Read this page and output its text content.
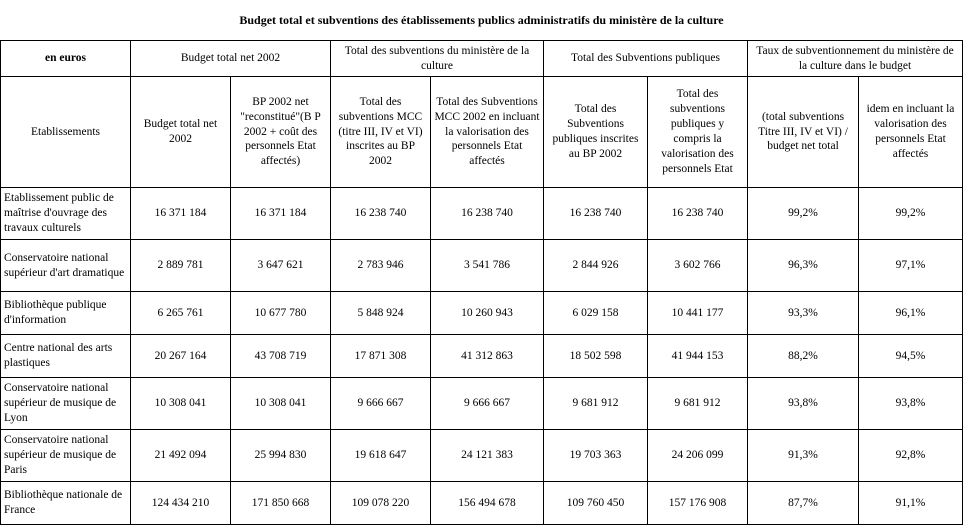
Budget total et subventions des établissements publics administratifs du ministère de la culture
en euros	Budget total net 2002		Total des subventions du ministère de la culture		Total des Subventions publiques		Taux de subventionnement du ministère de la culture dans le budget	
Etablissements	Budget total net 2002	BP 2002 net "reconstitué"(B P 2002 + coût des personnels Etat affectés)	Total des subventions MCC (titre III, IV et VI) inscrites au BP 2002	Total des Subventions MCC 2002 en incluant la valorisation des personnels Etat affectés	Total des Subventions publiques inscrites au BP 2002	Total des subventions publiques y compris la valorisation des personnels Etat	(total subventions Titre III, IV et VI) / budget net total	idem en incluant la valorisation des personnels Etat affectés
Etablissement public de maîtrise d'ouvrage des travaux culturels	16 371 184	16 371 184	16 238 740	16 238 740	16 238 740	16 238 740	99,2%	99,2%
Conservatoire national supérieur d'art dramatique	2 889 781	3 647 621	2 783 946	3 541 786	2 844 926	3 602 766	96,3%	97,1%
Bibliothèque publique d'information	6 265 761	10 677 780	5 848 924	10 260 943	6 029 158	10 441 177	93,3%	96,1%
Centre national des arts plastiques	20 267 164	43 708 719	17 871 308	41 312 863	18 502 598	41 944 153	88,2%	94,5%
Conservatoire national supérieur de musique de Lyon	10 308 041	10 308 041	9 666 667	9 666 667	9 681 912	9 681 912	93,8%	93,8%
Conservatoire national supérieur de musique de Paris	21 492 094	25 994 830	19 618 647	24 121 383	19 703 363	24 206 099	91,3%	92,8%
Bibliothèque nationale de France	124 434 210	171 850 668	109 078 220	156 494 678	109 760 450	157 176 908	87,7%	91,1%
